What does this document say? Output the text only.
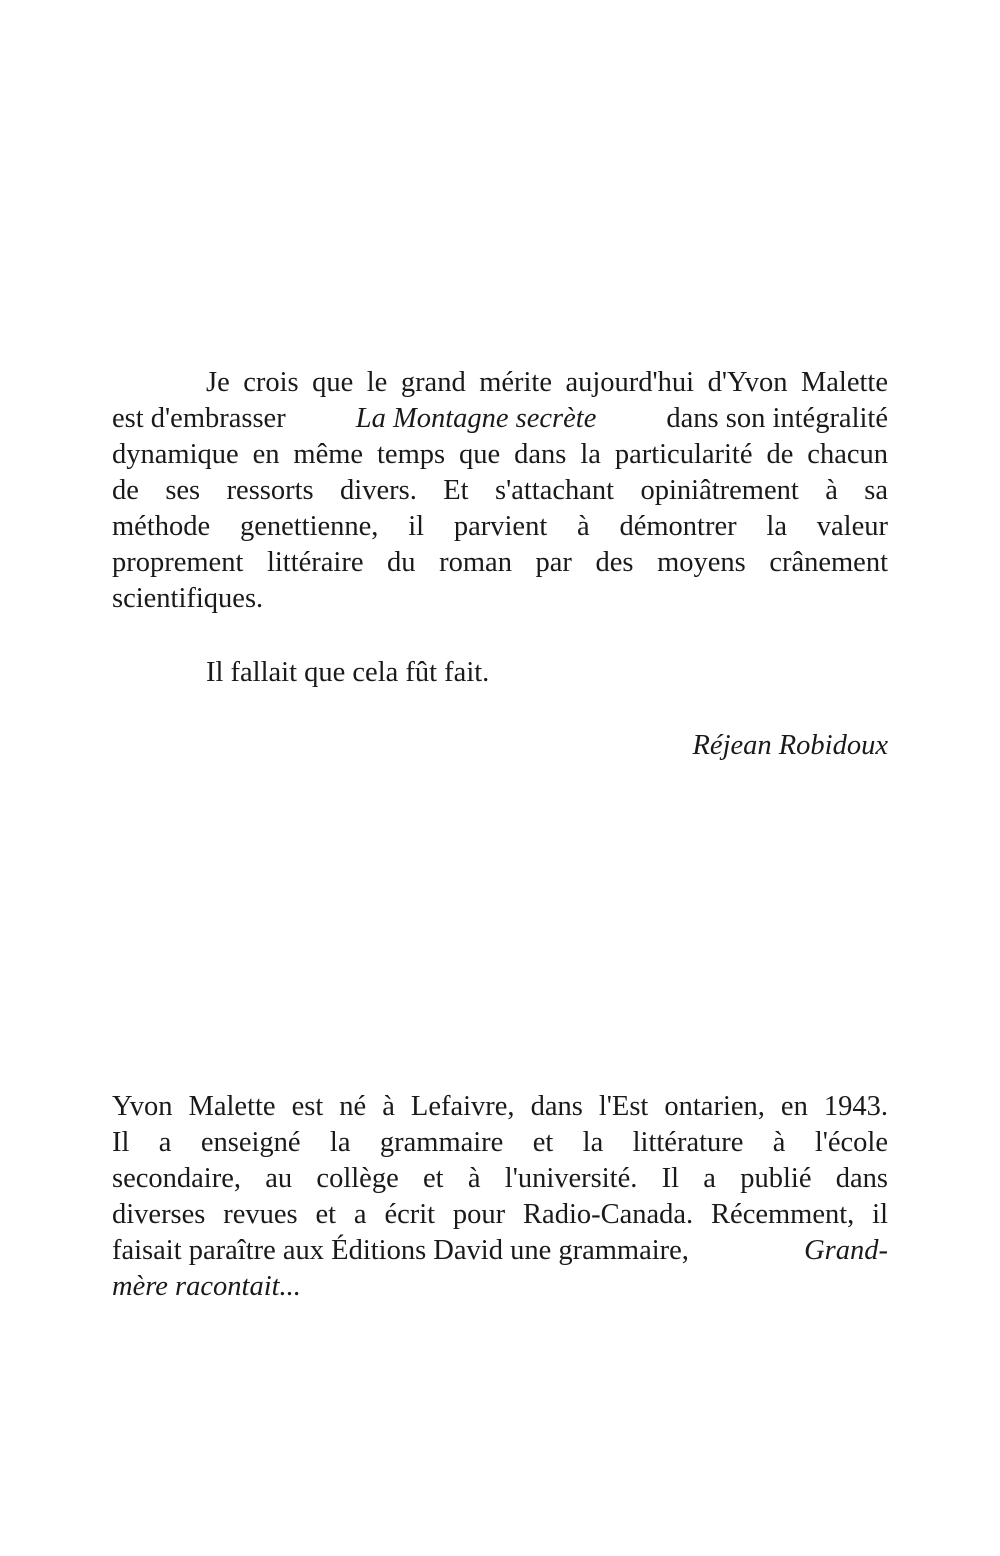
Je crois que le grand mérite aujourd'hui d'Yvon Malette
est d'embrasser La Montagne secrète dans son intégralité
dynamique en même temps que dans la particularité de chacun
de ses ressorts divers. Et s'attachant opiniâtrement à sa
méthode genettienne, il parvient à démontrer la valeur
proprement littéraire du roman par des moyens crânement
scientifiques.
Il fallait que cela fût fait.
Réjean Robidoux
Yvon Malette est né à Lefaivre, dans l'Est ontarien, en 1943.
Il a enseigné la grammaire et la littérature à l'école
secondaire, au collège et à l'université. Il a publié dans
diverses revues et a écrit pour Radio-Canada. Récemment, il
faisait paraître aux Éditions David une grammaire,	Grand-
mère racontait...
